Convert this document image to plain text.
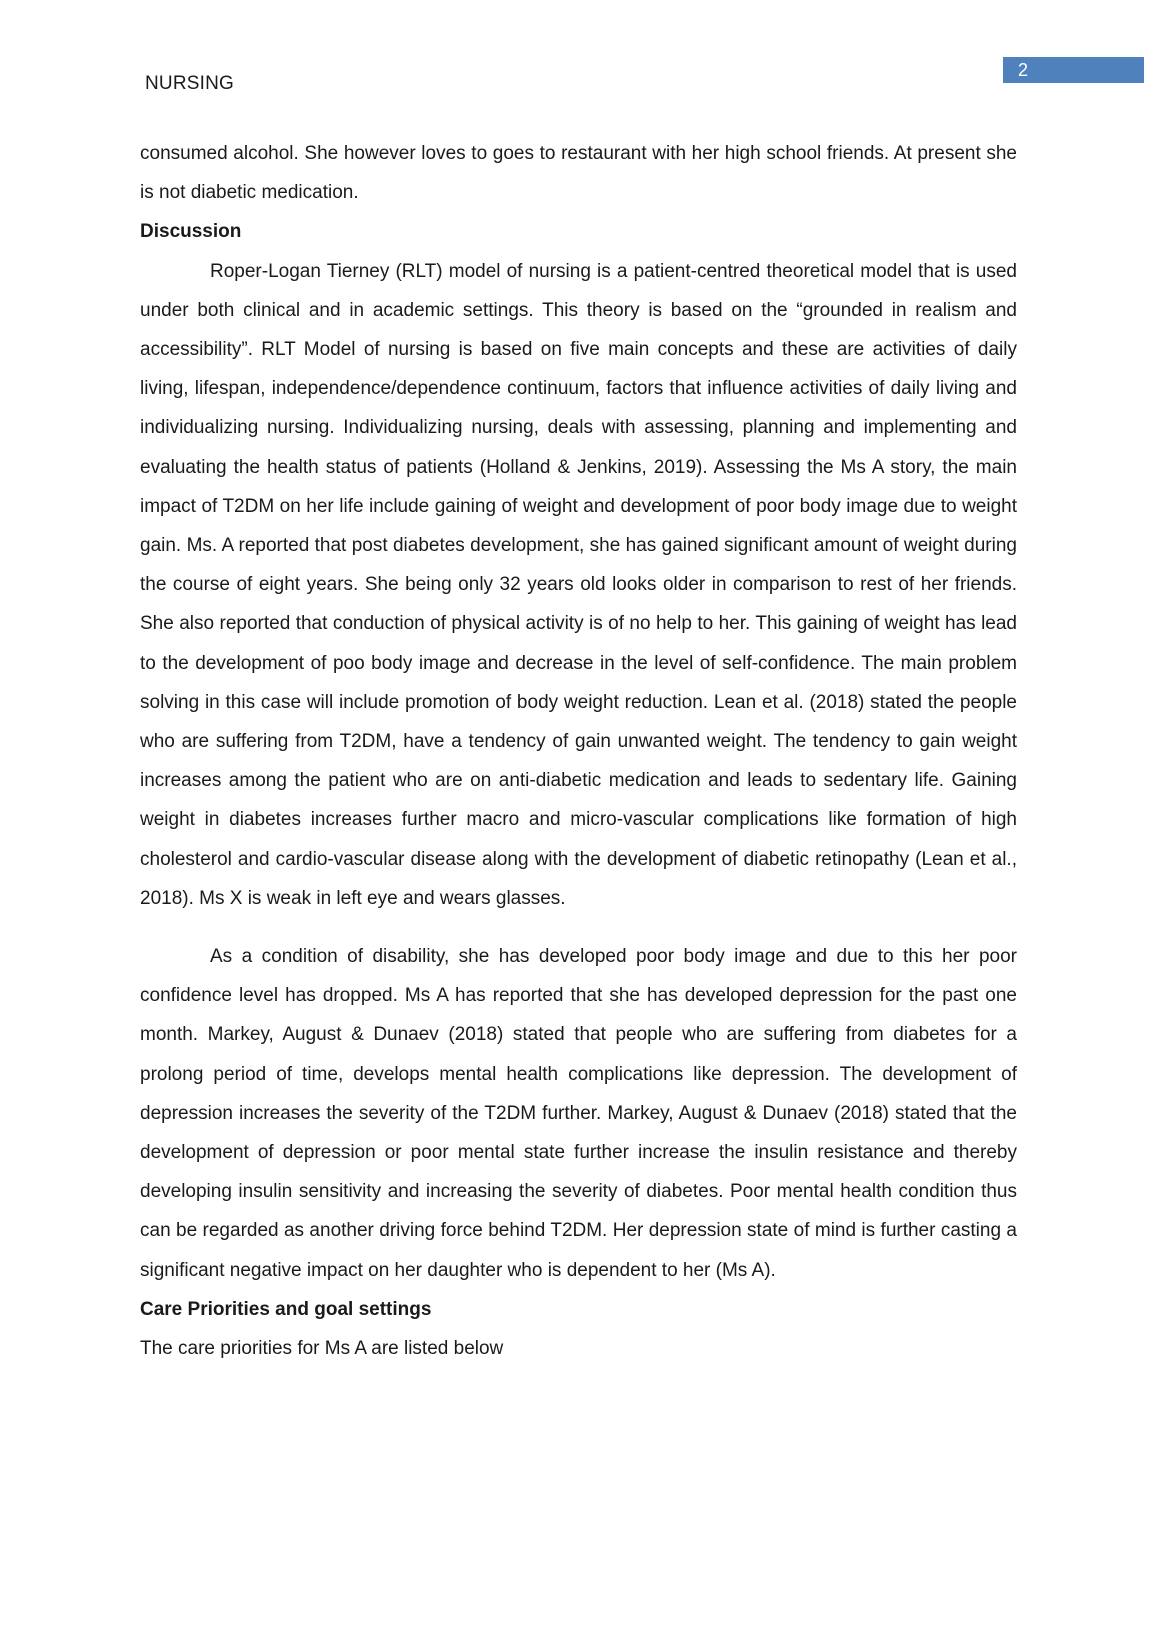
NURSING
2

consumed alcohol. She however loves to goes to restaurant with her high school friends. At present she is not diabetic medication.

Discussion

Roper-Logan Tierney (RLT) model of nursing is a patient-centred theoretical model that is used under both clinical and in academic settings. This theory is based on the “grounded in realism and accessibility”. RLT Model of nursing is based on five main concepts and these are activities of daily living, lifespan, independence/dependence continuum, factors that influence activities of daily living and individualizing nursing. Individualizing nursing, deals with assessing, planning and implementing and evaluating the health status of patients (Holland & Jenkins, 2019). Assessing the Ms A story, the main impact of T2DM on her life include gaining of weight and development of poor body image due to weight gain. Ms. A reported that post diabetes development, she has gained significant amount of weight during the course of eight years. She being only 32 years old looks older in comparison to rest of her friends. She also reported that conduction of physical activity is of no help to her. This gaining of weight has lead to the development of poo body image and decrease in the level of self-confidence. The main problem solving in this case will include promotion of body weight reduction. Lean et al. (2018) stated the people who are suffering from T2DM, have a tendency of gain unwanted weight. The tendency to gain weight increases among the patient who are on anti-diabetic medication and leads to sedentary life. Gaining weight in diabetes increases further macro and micro-vascular complications like formation of high cholesterol and cardio-vascular disease along with the development of diabetic retinopathy (Lean et al., 2018). Ms X is weak in left eye and wears glasses.

As a condition of disability, she has developed poor body image and due to this her poor confidence level has dropped. Ms A has reported that she has developed depression for the past one month. Markey, August & Dunaev (2018) stated that people who are suffering from diabetes for a prolong period of time, develops mental health complications like depression. The development of depression increases the severity of the T2DM further. Markey, August & Dunaev (2018) stated that the development of depression or poor mental state further increase the insulin resistance and thereby developing insulin sensitivity and increasing the severity of diabetes. Poor mental health condition thus can be regarded as another driving force behind T2DM. Her depression state of mind is further casting a significant negative impact on her daughter who is dependent to her (Ms A).

Care Priorities and goal settings

The care priorities for Ms A are listed below
